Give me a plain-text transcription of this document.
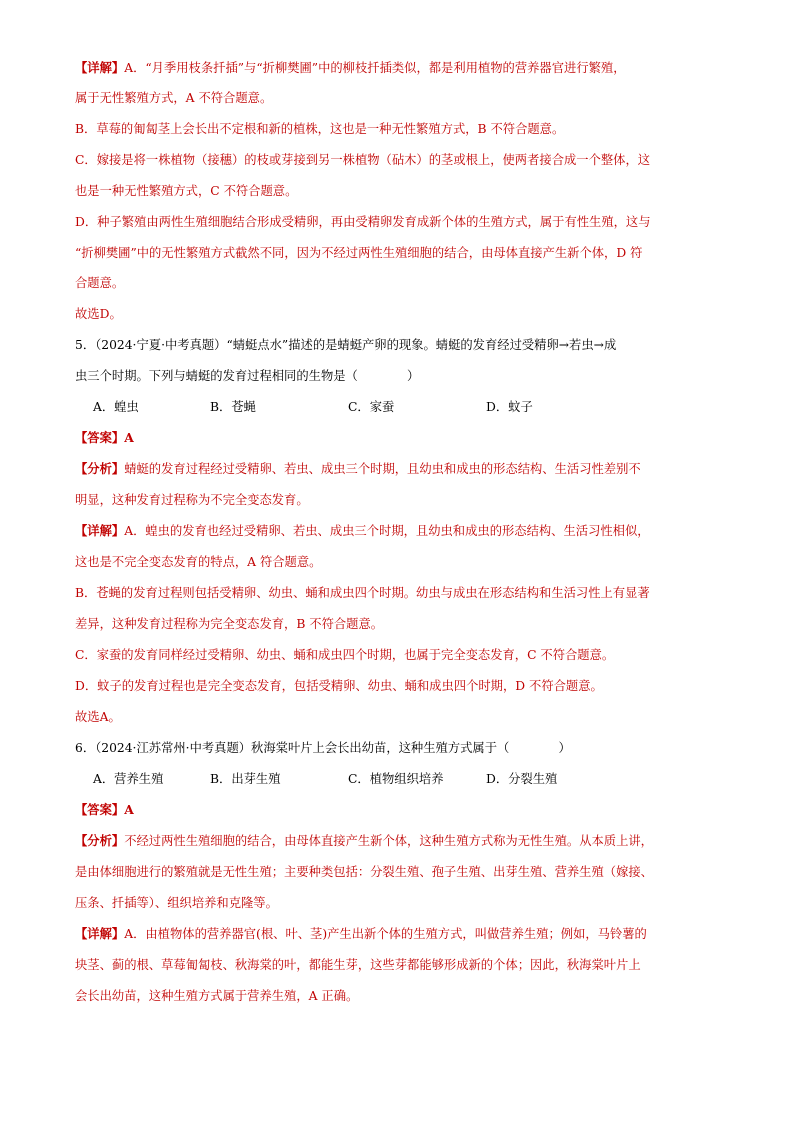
【详解】A．“月季用枝条扦插”与“折柳樊圃”中的柳枝扦插类似，都是利用植物的营养器官进行繁殖，
属于无性繁殖方式，A 不符合题意。
B．草莓的匍匐茎上会长出不定根和新的植株，这也是一种无性繁殖方式，B 不符合题意。
C．嫁接是将一株植物（接穗）的枝或芽接到另一株植物（砧木）的茎或根上，使两者接合成一个整体，这
也是一种无性繁殖方式，C 不符合题意。
D．种子繁殖由两性生殖细胞结合形成受精卵，再由受精卵发育成新个体的生殖方式，属于有性生殖，这与
“折柳樊圃”中的无性繁殖方式截然不同，因为不经过两性生殖细胞的结合，由母体直接产生新个体，D 符
合题意。
故选D。
5．（2024·宁夏·中考真题）“蜻蜓点水”描述的是蜻蜓产卵的现象。蜻蜓的发育经过受精卵→若虫→成
虫三个时期。下列与蜻蜓的发育过程相同的生物是（　　　　）
A．蝗虫	B．苍蝇	C．家蚕	D．蚊子
【答案】A
【分析】蜻蜓的发育过程经过受精卵、若虫、成虫三个时期，且幼虫和成虫的形态结构、生活习性差别不
明显，这种发育过程称为不完全变态发育。
【详解】A．蝗虫的发育也经过受精卵、若虫、成虫三个时期，且幼虫和成虫的形态结构、生活习性相似，
这也是不完全变态发育的特点，A 符合题意。
B．苍蝇的发育过程则包括受精卵、幼虫、蛹和成虫四个时期。幼虫与成虫在形态结构和生活习性上有显著
差异，这种发育过程称为完全变态发育，B 不符合题意。
C．家蚕的发育同样经过受精卵、幼虫、蛹和成虫四个时期，也属于完全变态发育，C 不符合题意。
D．蚊子的发育过程也是完全变态发育，包括受精卵、幼虫、蛹和成虫四个时期，D 不符合题意。
故选A。
6．（2024·江苏常州·中考真题）秋海棠叶片上会长出幼苗，这种生殖方式属于（　　　　）
A．营养生殖	B．出芽生殖	C．植物组织培养	D．分裂生殖
【答案】A
【分析】不经过两性生殖细胞的结合，由母体直接产生新个体，这种生殖方式称为无性生殖。从本质上讲，
是由体细胞进行的繁殖就是无性生殖；主要种类包括：分裂生殖、孢子生殖、出芽生殖、营养生殖（嫁接、
压条、扦插等）、组织培养和克隆等。
【详解】A．由植物体的营养器官(根、叶、茎)产生出新个体的生殖方式，叫做营养生殖；例如，马铃薯的
块茎、蓟的根、草莓匍匐枝、秋海棠的叶，都能生芽，这些芽都能够形成新的个体；因此，秋海棠叶片上
会长出幼苗，这种生殖方式属于营养生殖，A 正确。
